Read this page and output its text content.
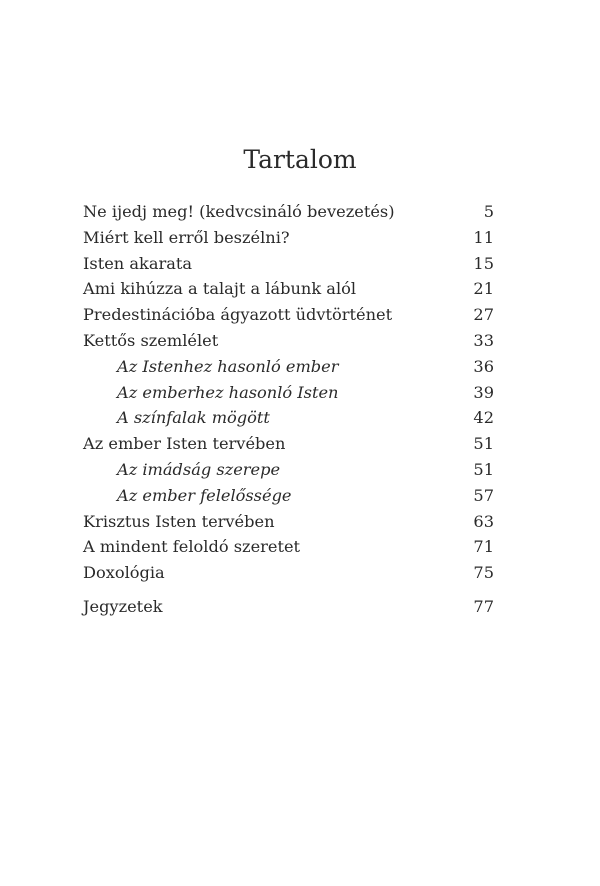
Tartalom
Ne ijedj meg! (kedvcsináló bevezetés)	5
Miért kell erről beszélni?	11
Isten akarata	15
Ami kihúzza a talajt a lábunk alól	21
Predestinációba ágyazott üdvtörténet	27
Kettős szemlélet	33
Az Istenhez hasonló ember	36
Az emberhez hasonló Isten	39
A színfalak mögött	42
Az ember Isten tervében	51
Az imádság szerepe	51
Az ember felelőssége	57
Krisztus Isten tervében	63
A mindent feloldó szeretet	71
Doxológia	75
Jegyzetek	77
